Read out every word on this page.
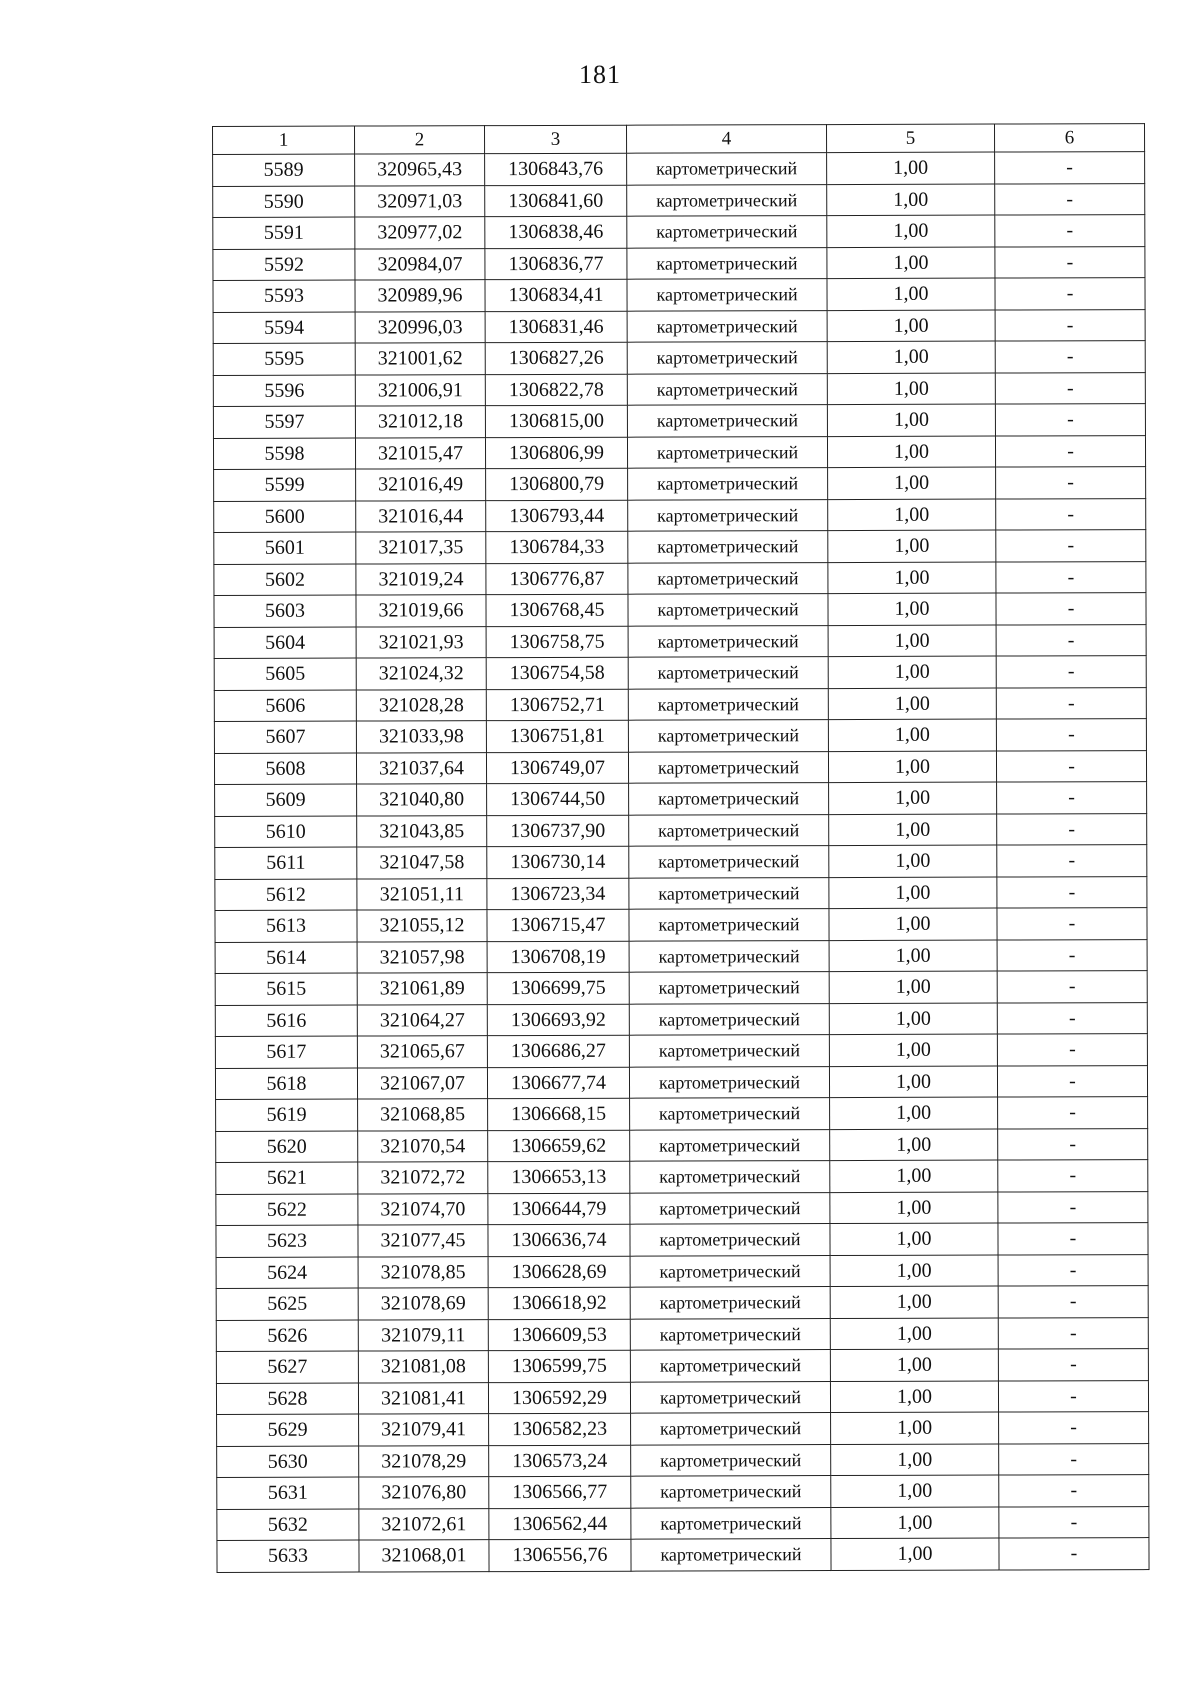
181
1	2	3	4	5	6
5589	320965,43	1306843,76	картометрический	1,00	-
5590	320971,03	1306841,60	картометрический	1,00	-
5591	320977,02	1306838,46	картометрический	1,00	-
5592	320984,07	1306836,77	картометрический	1,00	-
5593	320989,96	1306834,41	картометрический	1,00	-
5594	320996,03	1306831,46	картометрический	1,00	-
5595	321001,62	1306827,26	картометрический	1,00	-
5596	321006,91	1306822,78	картометрический	1,00	-
5597	321012,18	1306815,00	картометрический	1,00	-
5598	321015,47	1306806,99	картометрический	1,00	-
5599	321016,49	1306800,79	картометрический	1,00	-
5600	321016,44	1306793,44	картометрический	1,00	-
5601	321017,35	1306784,33	картометрический	1,00	-
5602	321019,24	1306776,87	картометрический	1,00	-
5603	321019,66	1306768,45	картометрический	1,00	-
5604	321021,93	1306758,75	картометрический	1,00	-
5605	321024,32	1306754,58	картометрический	1,00	-
5606	321028,28	1306752,71	картометрический	1,00	-
5607	321033,98	1306751,81	картометрический	1,00	-
5608	321037,64	1306749,07	картометрический	1,00	-
5609	321040,80	1306744,50	картометрический	1,00	-
5610	321043,85	1306737,90	картометрический	1,00	-
5611	321047,58	1306730,14	картометрический	1,00	-
5612	321051,11	1306723,34	картометрический	1,00	-
5613	321055,12	1306715,47	картометрический	1,00	-
5614	321057,98	1306708,19	картометрический	1,00	-
5615	321061,89	1306699,75	картометрический	1,00	-
5616	321064,27	1306693,92	картометрический	1,00	-
5617	321065,67	1306686,27	картометрический	1,00	-
5618	321067,07	1306677,74	картометрический	1,00	-
5619	321068,85	1306668,15	картометрический	1,00	-
5620	321070,54	1306659,62	картометрический	1,00	-
5621	321072,72	1306653,13	картометрический	1,00	-
5622	321074,70	1306644,79	картометрический	1,00	-
5623	321077,45	1306636,74	картометрический	1,00	-
5624	321078,85	1306628,69	картометрический	1,00	-
5625	321078,69	1306618,92	картометрический	1,00	-
5626	321079,11	1306609,53	картометрический	1,00	-
5627	321081,08	1306599,75	картометрический	1,00	-
5628	321081,41	1306592,29	картометрический	1,00	-
5629	321079,41	1306582,23	картометрический	1,00	-
5630	321078,29	1306573,24	картометрический	1,00	-
5631	321076,80	1306566,77	картометрический	1,00	-
5632	321072,61	1306562,44	картометрический	1,00	-
5633	321068,01	1306556,76	картометрический	1,00	-
